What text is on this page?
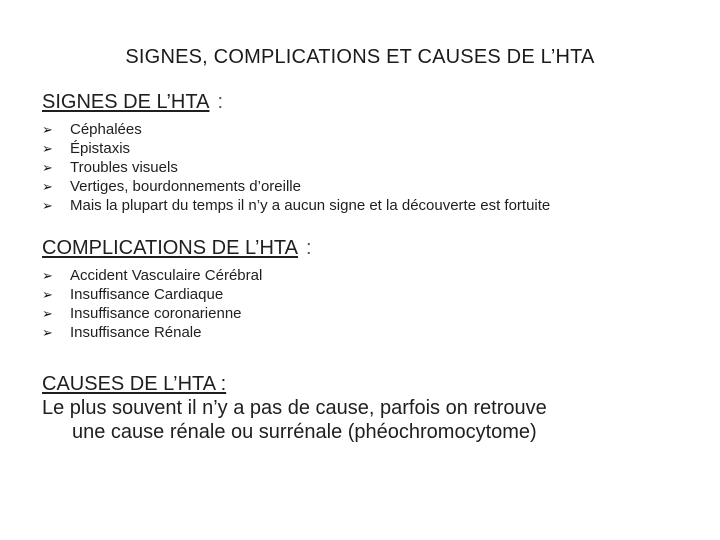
SIGNES, COMPLICATIONS ET CAUSES DE L’HTA
SIGNES DE L’HTA :
➢	Céphalées
➢	Épistaxis
➢	Troubles visuels
➢	Vertiges, bourdonnements d’oreille
➢	Mais la plupart du temps il n’y a aucun signe et la découverte est fortuite
COMPLICATIONS DE L’HTA :
➢	Accident Vasculaire Cérébral
➢	Insuffisance Cardiaque
➢	Insuffisance coronarienne
➢	Insuffisance Rénale
CAUSES DE L’HTA :
Le plus souvent il n’y a pas de cause, parfois on retrouve
une cause rénale ou surrénale (phéochromocytome)
